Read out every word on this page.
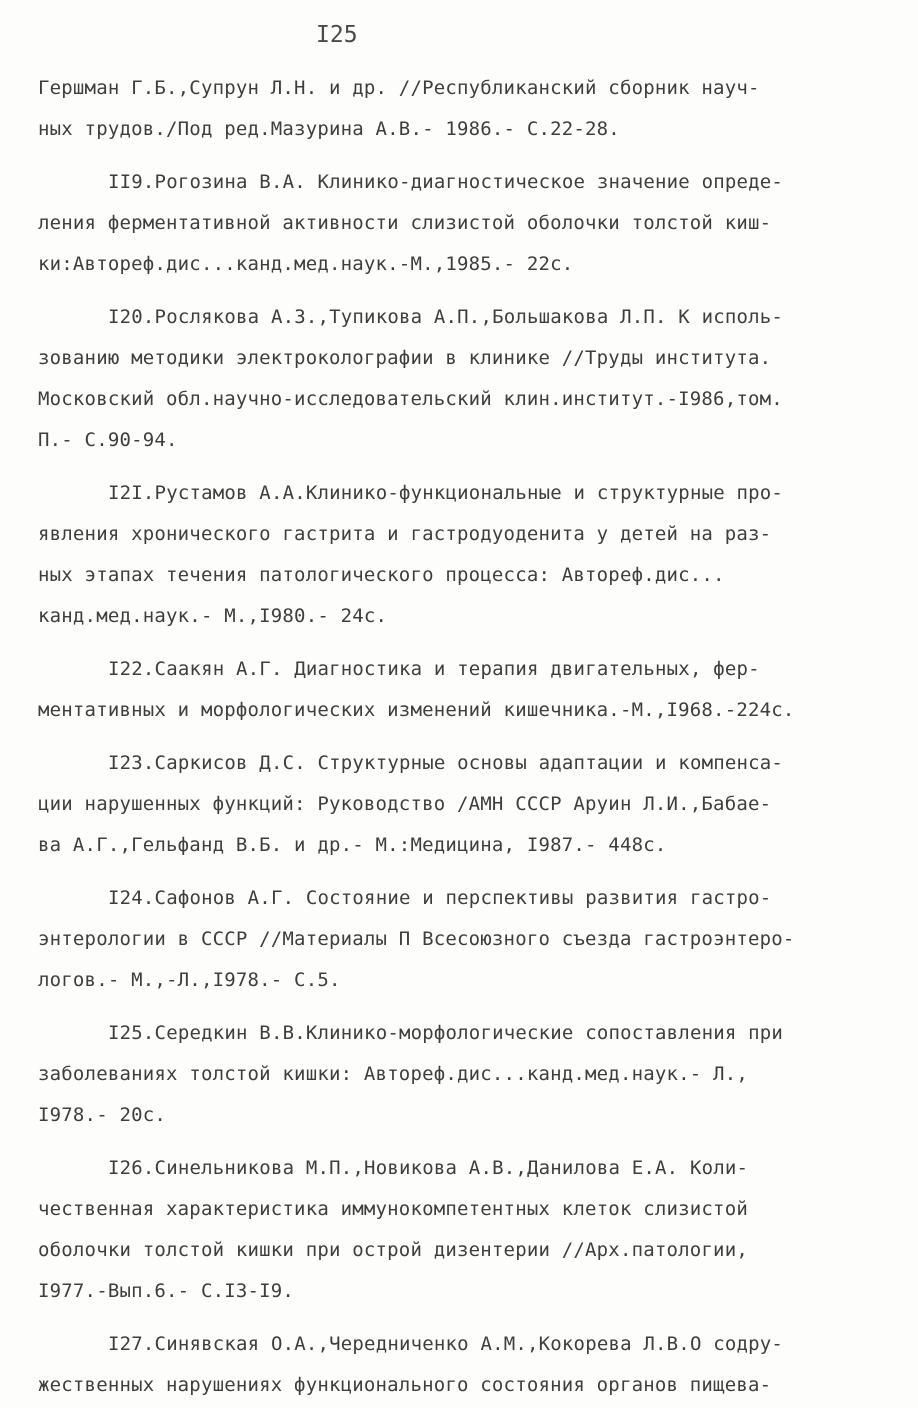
I25
Гершман Г.Б.,Супрун Л.Н. и др. //Республиканский сборник науч-
ных трудов./Под ред.Мазурина А.В.- 1986.- С.22-28.
II9.Рогозина В.А. Клинико-диагностическое значение опреде-
ления ферментативной активности слизистой оболочки толстой киш-
ки:Автореф.дис...канд.мед.наук.-М.,1985.- 22с.
I20.Рослякова А.З.,Тупикова А.П.,Большакова Л.П. К исполь-
зованию методики электроколографии в клинике //Труды института.
Московский обл.научно-исследовательский клин.институт.-I986,том.
П.- С.90-94.
I2I.Рустамов А.А.Клинико-функциональные и структурные про-
явления хронического гастрита и гастродуоденита у детей на раз-
ных этапах течения патологического процесса: Автореф.дис...
канд.мед.наук.- М.,I980.- 24с.
I22.Саакян А.Г. Диагностика и терапия двигательных, фер-
ментативных и морфологических изменений кишечника.-М.,I968.-224с.
I23.Саркисов Д.С. Структурные основы адаптации и компенса-
ции нарушенных функций: Руководство /АМН СССР Аруин Л.И.,Бабае-
ва А.Г.,Гельфанд В.Б. и др.- М.:Медицина, I987.- 448с.
I24.Сафонов А.Г. Состояние и перспективы развития гастро-
энтерологии в СССР //Материалы П Всесоюзного съезда гастроэнтеро-
логов.- М.,-Л.,I978.- С.5.
I25.Середкин В.В.Клинико-морфологические сопоставления при
заболеваниях толстой кишки: Автореф.дис...канд.мед.наук.- Л.,
I978.- 20с.
I26.Синельникова М.П.,Новикова А.В.,Данилова Е.А. Коли-
чественная характеристика иммунокомпетентных клеток слизистой
оболочки толстой кишки при острой дизентерии //Арх.патологии,
I977.-Вып.6.- С.I3-I9.
I27.Синявская О.А.,Чередниченко А.М.,Кокорева Л.В.О содру-
жественных нарушениях функционального состояния органов пищева-
